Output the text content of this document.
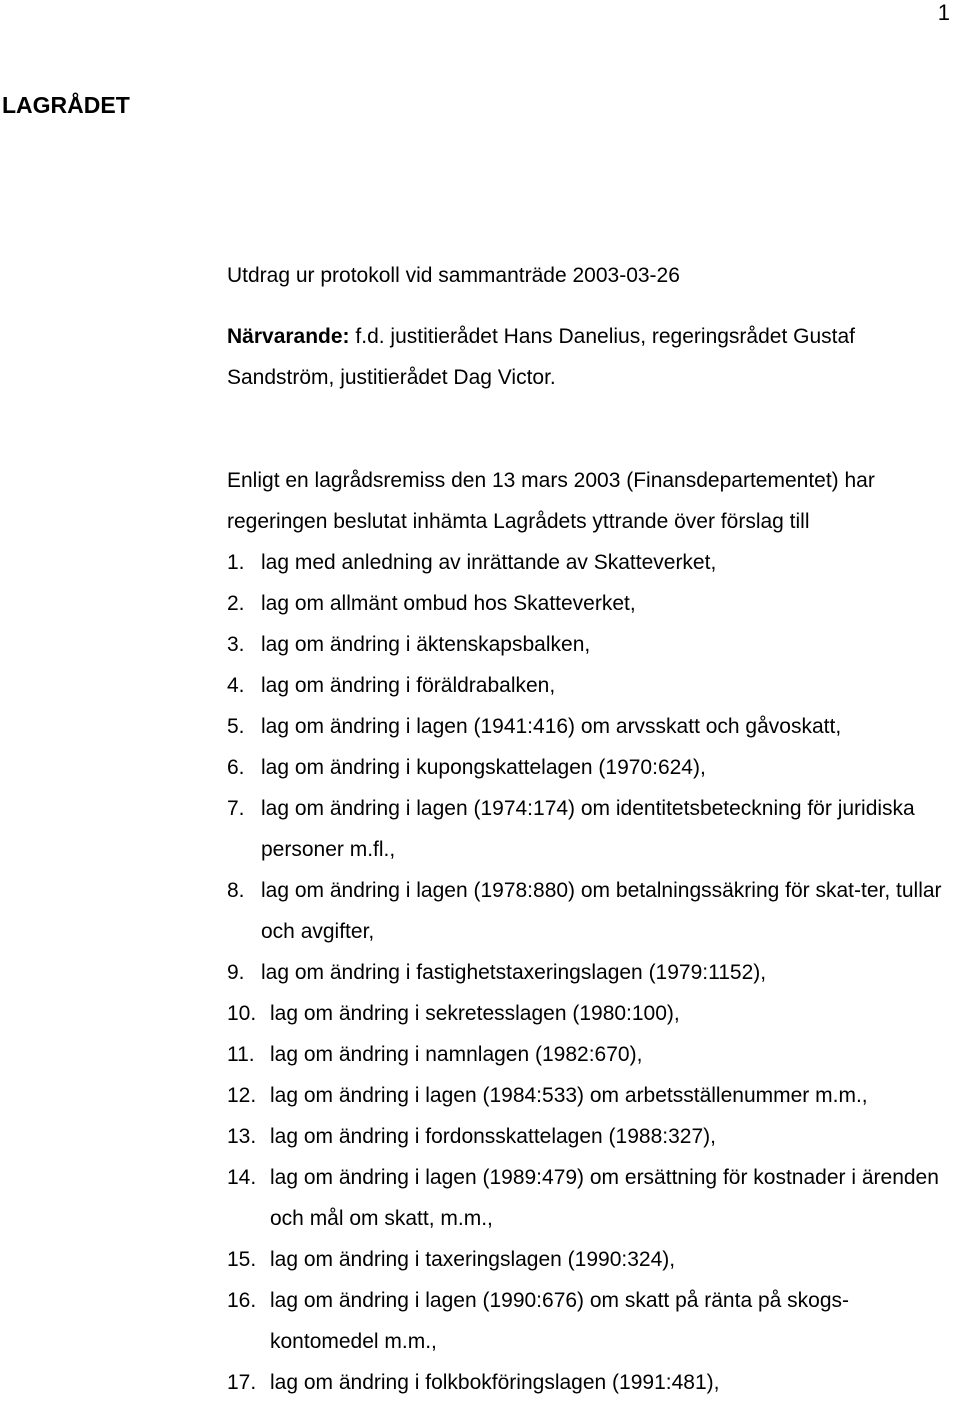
1
LAGRÅDET
Utdrag ur protokoll vid sammanträde 2003-03-26
Närvarande: f.d. justitierådet Hans Danelius, regeringsrådet Gustaf Sandström, justitierådet Dag Victor.
Enligt en lagrådsremiss den 13 mars 2003 (Finansdepartementet) har regeringen beslutat inhämta Lagrådets yttrande över förslag till
1. lag med anledning av inrättande av Skatteverket,
2. lag om allmänt ombud hos Skatteverket,
3. lag om ändring i äktenskapsbalken,
4. lag om ändring i föräldrabalken,
5. lag om ändring i lagen (1941:416) om arvsskatt och gåvoskatt,
6. lag om ändring i kupongskattelagen (1970:624),
7. lag om ändring i lagen (1974:174) om identitetsbeteckning för juridiska personer m.fl.,
8. lag om ändring i lagen (1978:880) om betalningssäkring för skat-ter, tullar och avgifter,
9. lag om ändring i fastighetstaxeringslagen (1979:1152),
10. lag om ändring i sekretesslagen (1980:100),
11. lag om ändring i namnlagen (1982:670),
12. lag om ändring i lagen (1984:533) om arbetsställenummer m.m.,
13. lag om ändring i fordonsskattelagen (1988:327),
14. lag om ändring i lagen (1989:479) om ersättning för kostnader i ärenden och mål om skatt, m.m.,
15. lag om ändring i taxeringslagen (1990:324),
16. lag om ändring i lagen (1990:676) om skatt på ränta på skogs-kontomedel m.m.,
17. lag om ändring i folkbokföringslagen (1991:481),
